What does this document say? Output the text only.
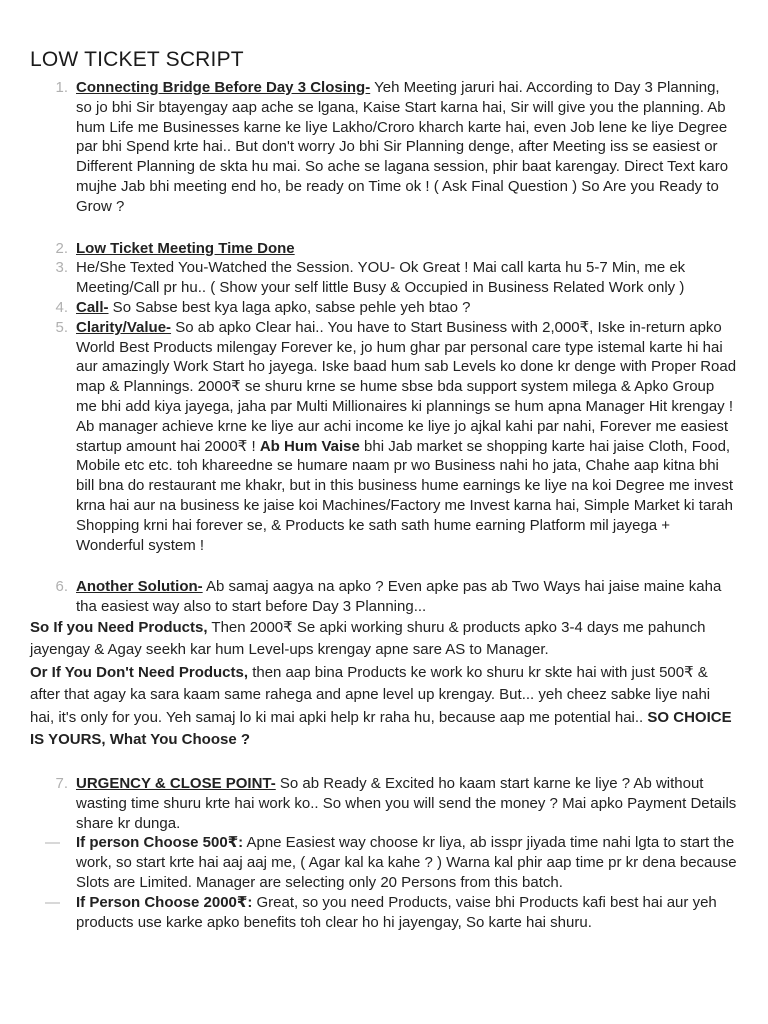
LOW TICKET SCRIPT
1. Connecting Bridge Before Day 3 Closing- Yeh Meeting jaruri hai. According to Day 3 Planning, so jo bhi Sir btayengay aap ache se lgana, Kaise Start karna hai, Sir will give you the planning. Ab hum Life me Businesses karne ke liye Lakho/Croro kharch karte hai, even Job lene ke liye Degree par bhi Spend krte hai.. But don't worry Jo bhi Sir Planning denge, after Meeting iss se easiest or Different Planning de skta hu mai. So ache se lagana session, phir baat karengay. Direct Text karo mujhe Jab bhi meeting end ho, be ready on Time ok ! ( Ask Final Question ) So Are you Ready to Grow ?
2. Low Ticket Meeting Time Done
3. He/She Texted You-Watched the Session. YOU- Ok Great ! Mai call karta hu 5-7 Min, me ek Meeting/Call pr hu.. ( Show your self little Busy & Occupied in Business Related Work only )
4. Call- So Sabse best kya laga apko, sabse pehle yeh btao ?
5. Clarity/Value- So ab apko Clear hai.. You have to Start Business with 2,000₹, Iske in-return apko World Best Products milengay Forever ke, jo hum ghar par personal care type istemal karte hi hai aur amazingly Work Start ho jayega. Iske baad hum sab Levels ko done kr denge with Proper Road map & Plannings. 2000₹ se shuru krne se hume sbse bda support system milega & Apko Group me bhi add kiya jayega, jaha par Multi Millionaires ki plannings se hum apna Manager Hit krengay ! Ab manager achieve krne ke liye aur achi income ke liye jo ajkal kahi par nahi, Forever me easiest startup amount hai 2000₹ ! Ab Hum Vaise bhi Jab market se shopping karte hai jaise Cloth, Food, Mobile etc etc. toh khareedne se humare naam pr wo Business nahi ho jata, Chahe aap kitna bhi bill bna do restaurant me khakr, but in this business hume earnings ke liye na koi Degree me invest krna hai aur na business ke jaise koi Machines/Factory me Invest karna hai, Simple Market ki tarah Shopping krni hai forever se, & Products ke sath sath hume earning Platform mil jayega + Wonderful system !
6. Another Solution- Ab samaj aagya na apko ? Even apke pas ab Two Ways hai jaise maine kaha tha easiest way also to start before Day 3 Planning...
So If you Need Products, Then 2000₹ Se apki working shuru & products apko 3-4 days me pahunch jayengay & Agay seekh kar hum Level-ups krengay apne sare AS to Manager.
Or If You Don't Need Products, then aap bina Products ke work ko shuru kr skte hai with just 500₹ & after that agay ka sara kaam same rahega and apne level up krengay. But... yeh cheez sabke liye nahi hai, it's only for you. Yeh samaj lo ki mai apki help kr raha hu, because aap me potential hai.. SO CHOICE IS YOURS, What You Choose ?
7. URGENCY & CLOSE POINT- So ab Ready & Excited ho kaam start karne ke liye ? Ab without wasting time shuru krte hai work ko.. So when you will send the money ? Mai apko Payment Details share kr dunga.
— If person Choose 500₹: Apne Easiest way choose kr liya, ab isspr jiyada time nahi lgta to start the work, so start krte hai aaj aaj me, ( Agar kal ka kahe ? ) Warna kal phir aap time pr kr dena because Slots are Limited. Manager are selecting only 20 Persons from this batch.
— If Person Choose 2000₹: Great, so you need Products, vaise bhi Products kafi best hai aur yeh products use karke apko benefits toh clear ho hi jayengay, So karte hai shuru.
